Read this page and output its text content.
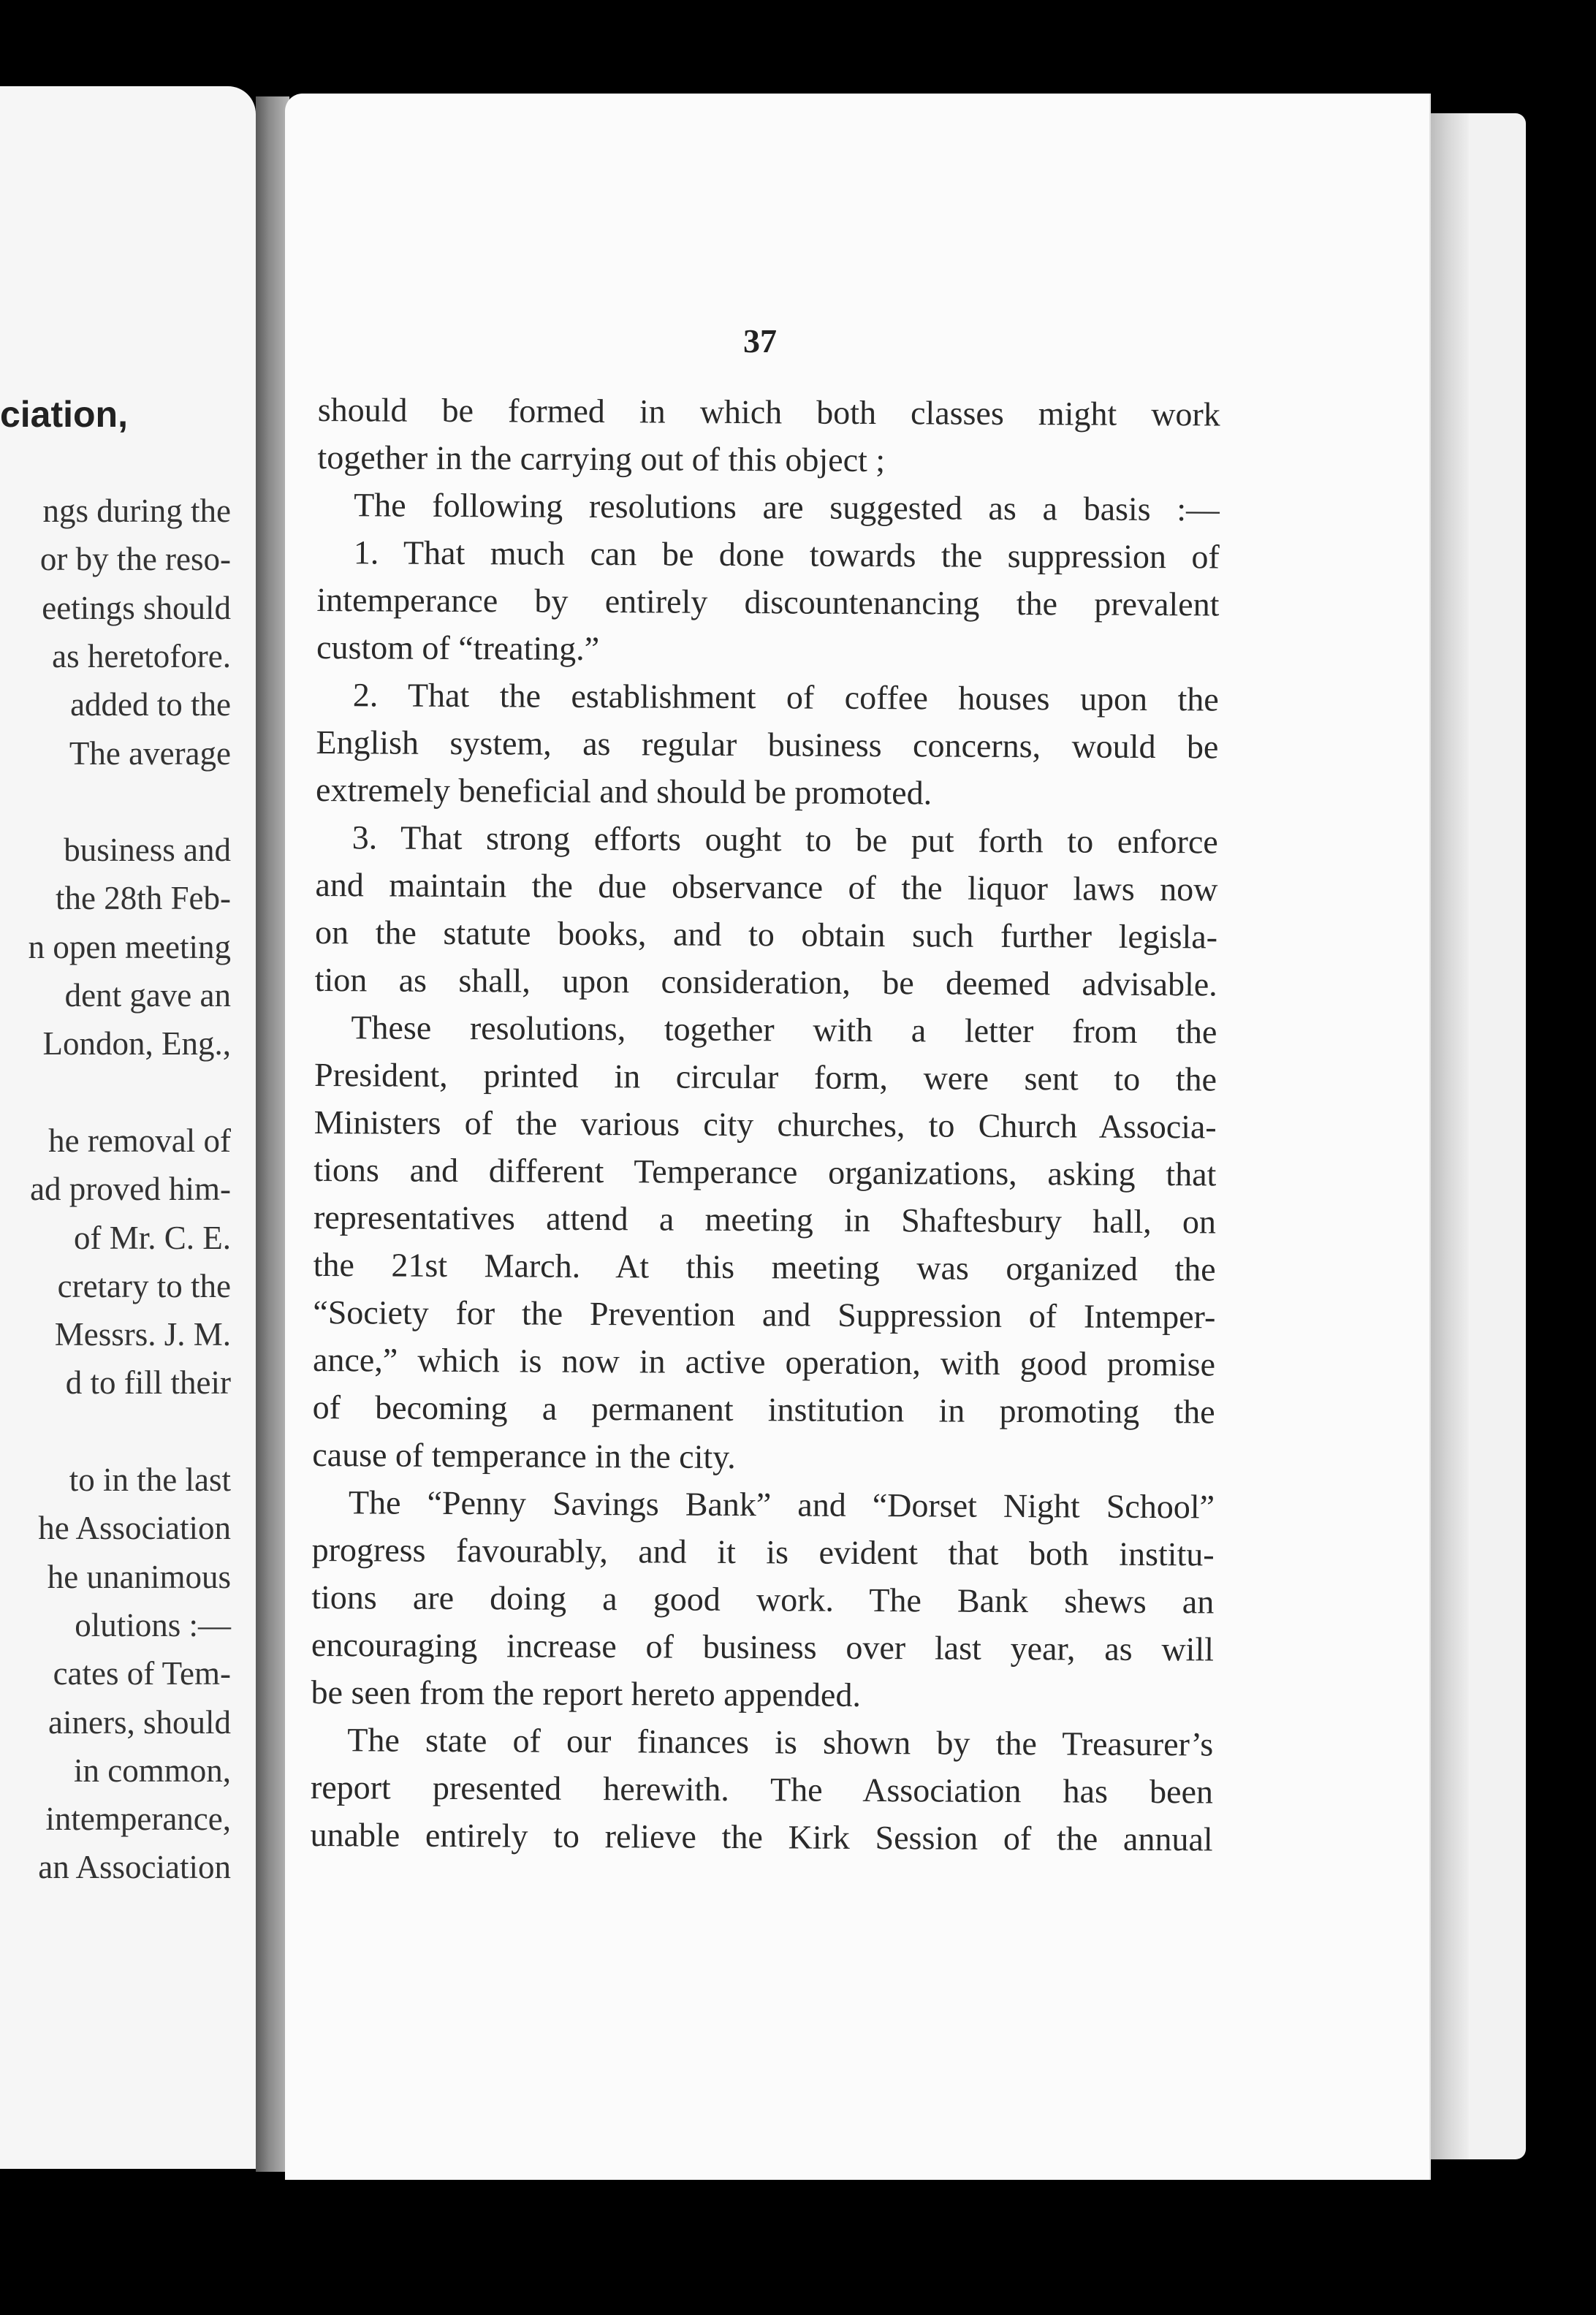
ciation,
ngs during the
or by the reso-
eetings should
as heretofore.
added to the
The average
business and
the 28th Feb-
n open meeting
dent gave an
London, Eng.,
he removal of
ad proved him-
of Mr. C. E.
cretary to the
Messrs. J. M.
d to fill their
to in the last
he Association
he unanimous
olutions :—
cates of Tem-
ainers, should
in common,
intemperance,
an Association
37
should be formed in which both classes might work
together in the carrying out of this object ;
The following resolutions are suggested as a basis :—
1. That much can be done towards the suppression of
intemperance by entirely discountenancing the prevalent
custom of “treating.”
2. That the establishment of coffee houses upon the
English system, as regular business concerns, would be
extremely beneficial and should be promoted.
3. That strong efforts ought to be put forth to enforce
and maintain the due observance of the liquor laws now
on the statute books, and to obtain such further legisla-
tion as shall, upon consideration, be deemed advisable.
These resolutions, together with a letter from the
President, printed in circular form, were sent to the
Ministers of the various city churches, to Church Associa-
tions and different Temperance organizations, asking that
representatives attend a meeting in Shaftesbury hall, on
the 21st March. At this meeting was organized the
“Society for the Prevention and Suppression of Intemper-
ance,” which is now in active operation, with good promise
of becoming a permanent institution in promoting the
cause of temperance in the city.
The “Penny Savings Bank” and “Dorset Night School”
progress favourably, and it is evident that both institu-
tions are doing a good work. The Bank shews an
encouraging increase of business over last year, as will
be seen from the report hereto appended.
The state of our finances is shown by the Treasurer’s
report presented herewith. The Association has been
unable entirely to relieve the Kirk Session of the annual
